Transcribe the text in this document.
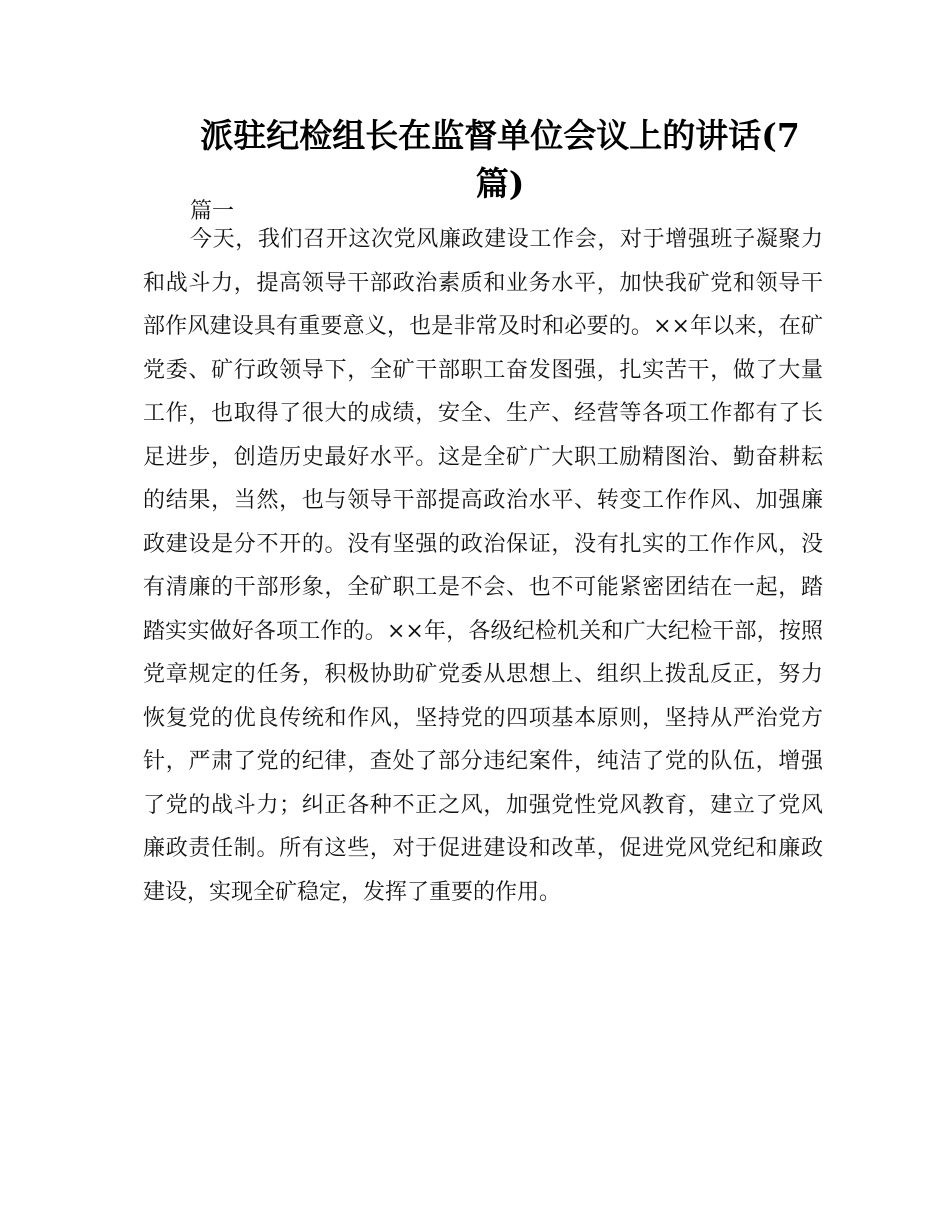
派驻纪检组长在监督单位会议上的讲话(7篇)

篇一

今天，我们召开这次党风廉政建设工作会，对于增强班子凝聚力和战斗力，提高领导干部政治素质和业务水平，加快我矿党和领导干部作风建设具有重要意义，也是非常及时和必要的。××年以来，在矿党委、矿行政领导下，全矿干部职工奋发图强，扎实苦干，做了大量工作，也取得了很大的成绩，安全、生产、经营等各项工作都有了长足进步，创造历史最好水平。这是全矿广大职工励精图治、勤奋耕耘的结果，当然，也与领导干部提高政治水平、转变工作作风、加强廉政建设是分不开的。没有坚强的政治保证，没有扎实的工作作风，没有清廉的干部形象，全矿职工是不会、也不可能紧密团结在一起，踏踏实实做好各项工作的。××年，各级纪检机关和广大纪检干部，按照党章规定的任务，积极协助矿党委从思想上、组织上拨乱反正，努力恢复党的优良传统和作风，坚持党的四项基本原则，坚持从严治党方针，严肃了党的纪律，查处了部分违纪案件，纯洁了党的队伍，增强了党的战斗力；纠正各种不正之风，加强党性党风教育，建立了党风廉政责任制。所有这些，对于促进建设和改革，促进党风党纪和廉政建设，实现全矿稳定，发挥了重要的作用。
